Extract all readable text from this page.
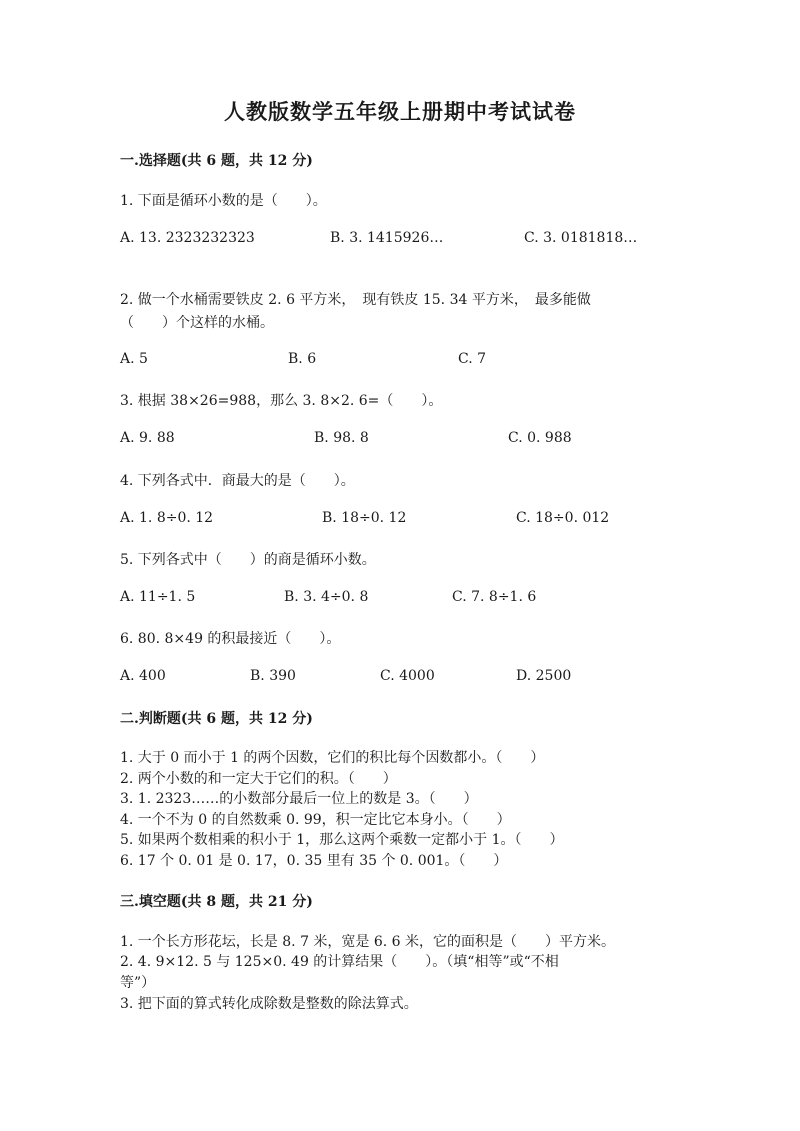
人教版数学五年级上册期中考试试卷
一.选择题(共 6 题，共 12 分)
1. 下面是循环小数的是（　　）。
A. 13. 2323232323	B. 3. 1415926…	C. 3. 0181818…
2. 做一个水桶需要铁皮 2. 6 平方米，　现有铁皮 15. 34 平方米，　最多能做
（　　）个这样的水桶。
A. 5	B. 6	C. 7
3. 根据 38×26=988，那么 3. 8×2. 6=（　　）。
A. 9. 88	B. 98. 8	C. 0. 988
4. 下列各式中．商最大的是（　　）。
A. 1. 8÷0. 12	B. 18÷0. 12	C. 18÷0. 012
5. 下列各式中（　　）的商是循环小数。
A. 11÷1. 5	B. 3. 4÷0. 8	C. 7. 8÷1. 6
6. 80. 8×49 的积最接近（　　）。
A. 400	B. 390	C. 4000	D. 2500
二.判断题(共 6 题，共 12 分)
1. 大于 0 而小于 1 的两个因数，它们的积比每个因数都小。（　　）
2. 两个小数的和一定大于它们的积。（　　）
3. 1. 2323……的小数部分最后一位上的数是 3。（　　）
4. 一个不为 0 的自然数乘 0. 99，积一定比它本身小。（　　）
5. 如果两个数相乘的积小于 1，那么这两个乘数一定都小于 1。（　　）
6. 17 个 0. 01 是 0. 17，0. 35 里有 35 个 0. 001。（　　）
三.填空题(共 8 题，共 21 分)
1. 一个长方形花坛，长是 8. 7 米，宽是 6. 6 米，它的面积是（　　）平方米。
2. 4. 9×12. 5 与 125×0. 49 的计算结果（　　）。（填“相等”或“不相
等”）
3. 把下面的算式转化成除数是整数的除法算式。
